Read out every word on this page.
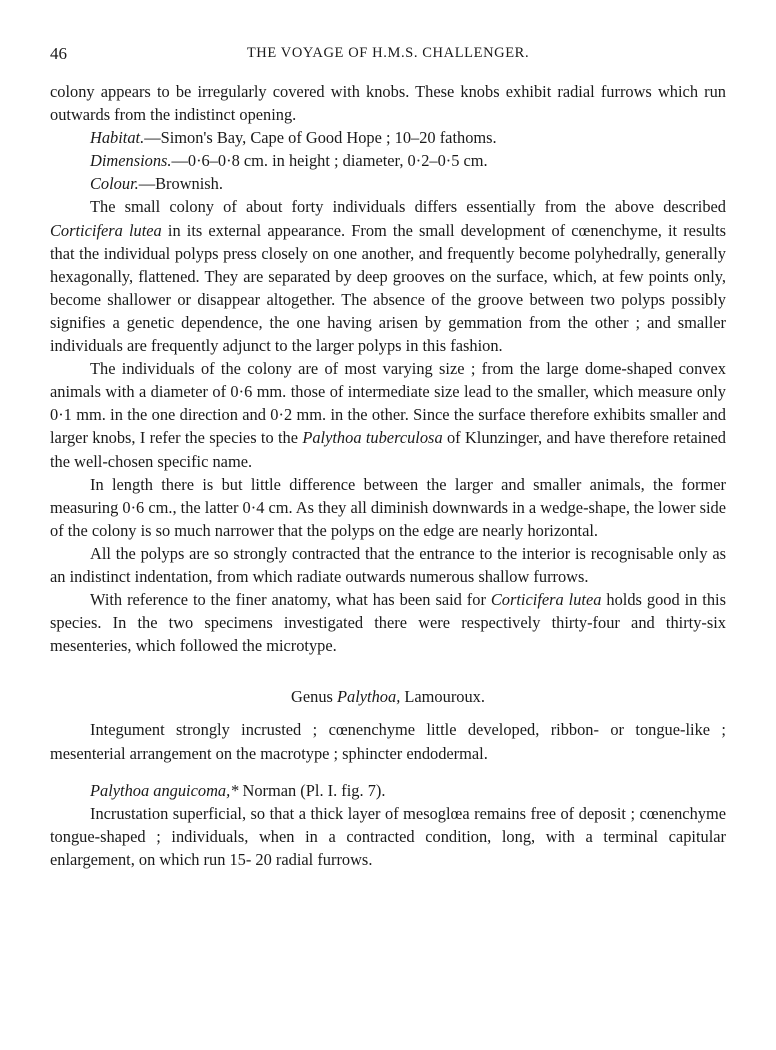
46	THE VOYAGE OF H.M.S. CHALLENGER.

colony appears to be irregularly covered with knobs. These knobs exhibit radial furrows which run outwards from the indistinct opening.

Habitat.—Simon's Bay, Cape of Good Hope ; 10–20 fathoms.

Dimensions.—0·6–0·8 cm. in height ; diameter, 0·2–0·5 cm.

Colour.—Brownish.

The small colony of about forty individuals differs essentially from the above described Corticifera lutea in its external appearance. From the small development of cœnenchyme, it results that the individual polyps press closely on one another, and frequently become polyhedrally, generally hexagonally, flattened. They are separated by deep grooves on the surface, which, at few points only, become shallower or disappear altogether. The absence of the groove between two polyps possibly signifies a genetic dependence, the one having arisen by gemmation from the other ; and smaller individuals are frequently adjunct to the larger polyps in this fashion.

The individuals of the colony are of most varying size ; from the large dome-shaped convex animals with a diameter of 0·6 mm. those of intermediate size lead to the smaller, which measure only 0·1 mm. in the one direction and 0·2 mm. in the other. Since the surface therefore exhibits smaller and larger knobs, I refer the species to the Palythoa tuberculosa of Klunzinger, and have therefore retained the well-chosen specific name.

In length there is but little difference between the larger and smaller animals, the former measuring 0·6 cm., the latter 0·4 cm. As they all diminish downwards in a wedge-shape, the lower side of the colony is so much narrower that the polyps on the edge are nearly horizontal.

All the polyps are so strongly contracted that the entrance to the interior is recognisable only as an indistinct indentation, from which radiate outwards numerous shallow furrows.

With reference to the finer anatomy, what has been said for Corticifera lutea holds good in this species. In the two specimens investigated there were respectively thirty-four and thirty-six mesenteries, which followed the microtype.

Genus Palythoa, Lamouroux.

Integument strongly incrusted ; cœnenchyme little developed, ribbon- or tongue-like ; mesenterial arrangement on the macrotype ; sphincter endodermal.

Palythoa anguicoma,* Norman (Pl. I. fig. 7).

Incrustation superficial, so that a thick layer of mesoglœa remains free of deposit ; cœnenchyme tongue-shaped ; individuals, when in a contracted condition, long, with a terminal capitular enlargement, on which run 15- 20 radial furrows.
